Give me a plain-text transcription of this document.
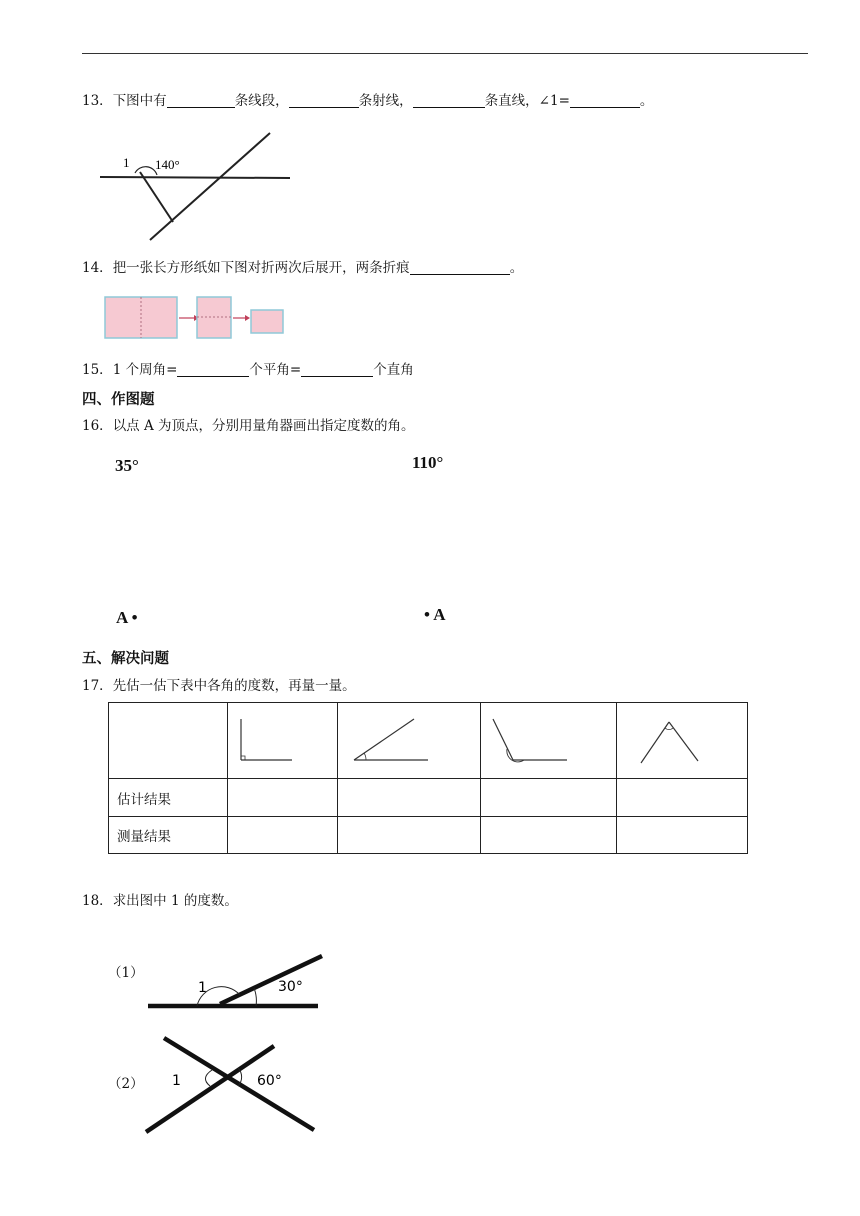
13．下图中有	条线段，	条射线，	条直线，∠1=	。
1 140°
14．把一张长方形纸如下图对折两次后展开，两条折痕	。
15．1 个周角=	个平角=	个直角
四、作图题
16．以点 A 为顶点，分别用量角器画出指定度数的角。
35°	110°
A •	• A
五、解决问题
17．先估一估下表中各角的度数，再量一量。

估计结果				
测量结果				
18．求出图中 1 的度数。
（1）
1	30°
（2） 1	60°
